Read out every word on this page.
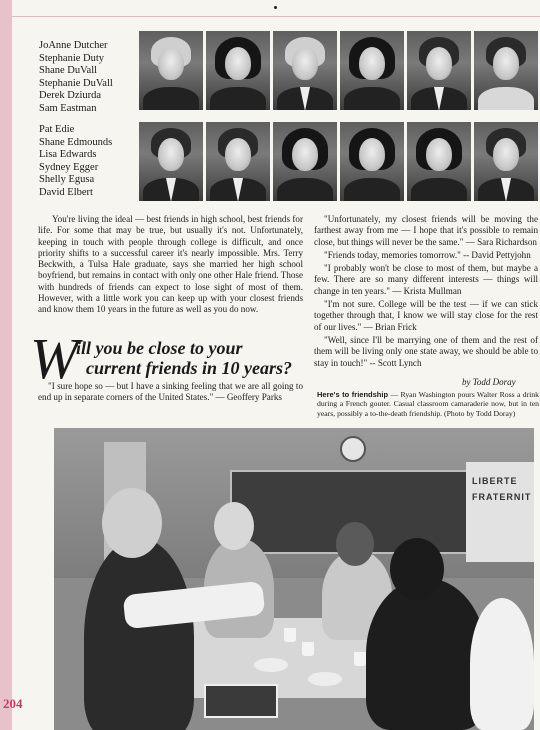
JoAnne Dutcher
Stephanie Duty
Shane DuVall
Stephanie DuVall
Derek Dziurda
Sam Eastman
Pat Edie
Shane Edmounds
Lisa Edwards
Sydney Egger
Shelly Egusa
David Elbert

You're living the ideal — best friends in high school, best friends for life. For some that may be true, but usually it's not. Unfortunately, keeping in touch with people through college is difficult, and once priority shifts to a successful career it's nearly impossible. Mrs. Terry Beckwith, a Tulsa Hale graduate, says she married her high school boyfriend, but remains in contact with only one other Hale friend. Those with hundreds of friends can expect to lose sight of most of them. However, with a little work you can keep up with your closest friends and know them 10 years in the future as well as you do now.

W
ill you be close to your
current friends in 10 years?
"I sure hope so — but I have a sinking feeling that we are all going to end up in separate corners of the United States." — Geoffery Parks

"Unfortunately, my closest friends will be moving the farthest away from me — I hope that it's possible to remain close, but things will never be the same." — Sara Richardson

"Friends today, memories tomorrow." -- David Pettyjohn

"I probably won't be close to most of them, but maybe a few. There are so many different interests — things will change in ten years." — Krista Mullman

"I'm not sure. College will be the test — if we can stick together through that, I know we will stay close for the rest of our lives." — Brian Frick

"Well, since I'll be marrying one of them and the rest of them will be living only one state away, we should be able to stay in touch!" -- Scott Lynch

by Todd Doray
Here's to friendship — Ryan Washington pours Walter Ross a drink during a French gouter. Casual classroom camaraderie now, but in ten years, possibly a to-the-death friendship. (Photo by Todd Doray)
LIBERTE
FRATERNIT
204
